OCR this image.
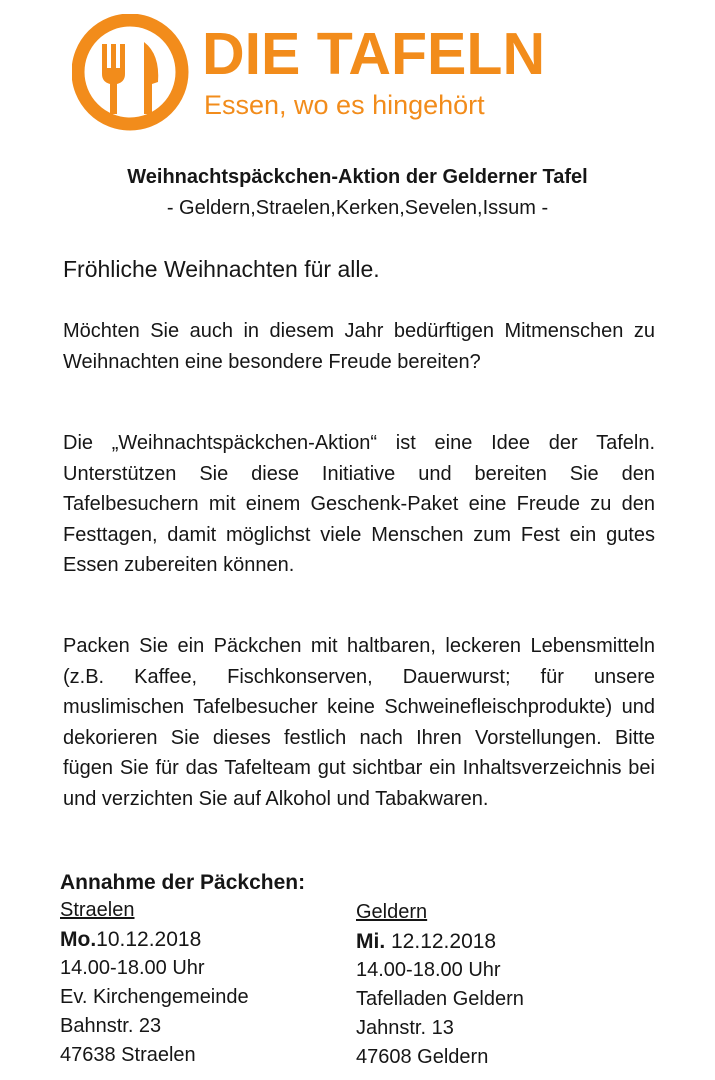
DIE TAFELN
Essen, wo es hingehört
Weihnachtspäckchen-Aktion der Gelderner Tafel
- Geldern,Straelen,Kerken,Sevelen,Issum -
Fröhliche Weihnachten für alle.
Möchten Sie auch in diesem Jahr bedürftigen Mitmenschen zu Weihnachten eine besondere Freude bereiten?
Die „Weihnachtspäckchen-Aktion“ ist eine Idee der Tafeln. Unterstützen Sie diese Initiative und bereiten Sie den Tafelbesuchern mit einem Geschenk-Paket eine Freude zu den Festtagen, damit möglichst viele Menschen zum Fest ein gutes Essen zubereiten können.
Packen Sie ein Päckchen mit haltbaren, leckeren Lebensmitteln (z.B. Kaffee, Fischkonserven, Dauerwurst; für unsere muslimischen Tafelbesucher keine Schweinefleischprodukte) und dekorieren Sie dieses festlich nach Ihren Vorstellungen. Bitte fügen Sie für das Tafelteam gut sichtbar ein Inhaltsverzeichnis bei und verzichten Sie auf Alkohol und Tabakwaren.
Annahme der Päckchen:
Straelen
Mo.10.12.2018
14.00-18.00 Uhr
Ev. Kirchengemeinde
Bahnstr. 23
47638 Straelen
Geldern
Mi. 12.12.2018
14.00-18.00 Uhr
Tafelladen Geldern
Jahnstr. 13
47608 Geldern
